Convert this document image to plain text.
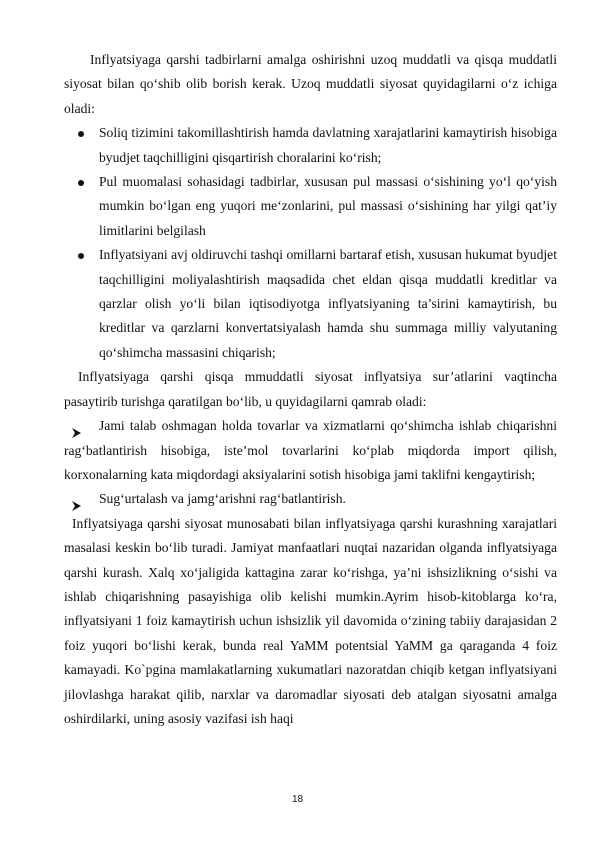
Inflyatsiyaga qarshi tadbirlarni amalga oshirishni uzoq muddatli va qisqa muddatli siyosat bilan qo‘shib olib borish kerak. Uzoq muddatli siyosat quyidagilarni o‘z ichiga oladi:

Soliq tizimini takomillashtirish hamda davlatning xarajatlarini kamaytirish hisobiga byudjet taqchilligini qisqartirish choralarini ko‘rish;
Pul muomalasi sohasidagi tadbirlar, xususan pul massasi o‘sishining yo‘l qo‘yish mumkin bo‘lgan eng yuqori me‘zonlarini, pul massasi o‘sishining har yilgi qat’iy limitlarini belgilash
Inflyatsiyani avj oldiruvchi tashqi omillarni bartaraf etish, xususan hukumat byudjet taqchilligini moliyalashtirish maqsadida chet eldan qisqa muddatli kreditlar va qarzlar olish yo‘li bilan iqtisodiyotga inflyatsiyaning ta’sirini kamaytirish, bu kreditlar va qarzlarni konvertatsiyalash hamda shu summaga milliy valyutaning qo‘shimcha massasini chiqarish;

Inflyatsiyaga qarshi qisqa mmuddatli siyosat inflyatsiya sur’atlarini vaqtincha pasaytirib turishga qaratilgan bo‘lib, u quyidagilarni qamrab oladi:

Jami talab oshmagan holda tovarlar va xizmatlarni qo‘shimcha ishlab chiqarishni rag‘batlantirish hisobiga, iste’mol tovarlarini ko‘plab miqdorda import qilish, korxonalarning kata miqdordagi aksiyalarini sotish hisobiga jami taklifni kengaytirish;
Sug‘urtalash va jamg‘arishni rag‘batlantirish.

Inflyatsiyaga qarshi siyosat munosabati bilan inflyatsiyaga qarshi kurashning xarajatlari masalasi keskin bo‘lib turadi. Jamiyat manfaatlari nuqtai nazaridan olganda inflyatsiyaga qarshi kurash. Xalq xo‘jaligida kattagina zarar ko‘rishga, ya’ni ishsizlikning o‘sishi va ishlab chiqarishning pasayishiga olib kelishi mumkin.Ayrim hisob-kitoblarga ko‘ra, inflyatsiyani 1 foiz kamaytirish uchun ishsizlik yil davomida o‘zining tabiiy darajasidan 2 foiz yuqori bo‘lishi kerak, bunda real YaMM potentsial YaMM ga qaraganda 4 foiz kamayadi. Ko`pgina mamlakatlarning xukumatlari nazoratdan chiqib ketgan inflyatsiyani jilovlashga harakat qilib, narxlar va daromadlar siyosati deb atalgan siyosatni amalga oshirdilarki, uning asosiy vazifasi ish haqi

18
